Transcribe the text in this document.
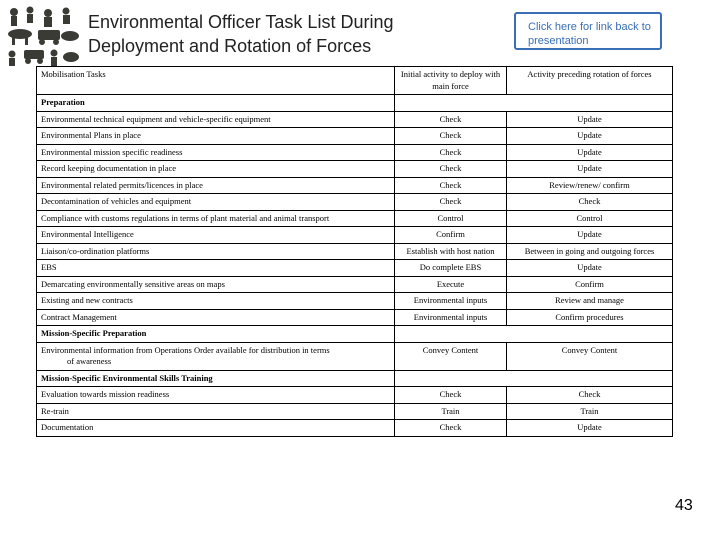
Environmental Officer Task List During
Deployment and Rotation of Forces
Click here for link back to
presentation
Mobilisation Tasks	Initial activity to deploy with main force	Activity preceding rotation of forces
Preparation		
Environmental technical equipment and vehicle-specific equipment	Check	Update
Environmental Plans in place	Check	Update
Environmental mission specific readiness	Check	Update
Record keeping documentation in place	Check	Update
Environmental related permits/licences in place	Check	Review/renew/ confirm
Decontamination of vehicles and equipment	Check	Check
Compliance with customs regulations in terms of plant material and animal transport	Control	Control
Environmental Intelligence	Confirm	Update
Liaison/co-ordination platforms	Establish with host nation	Between in going and outgoing forces
EBS	Do complete EBS	Update
Demarcating environmentally sensitive areas on maps	Execute	Confirm
Existing and new contracts	Environmental inputs	Review and manage
Contract Management	Environmental inputs	Confirm procedures
Mission-Specific Preparation		
Environmental information from Operations Order available for distribution in terms
of awareness	Convey Content	Convey Content
Mission-Specific Environmental Skills Training		
Evaluation towards mission readiness	Check	Check
Re-train	Train	Train
Documentation	Check	Update
43
